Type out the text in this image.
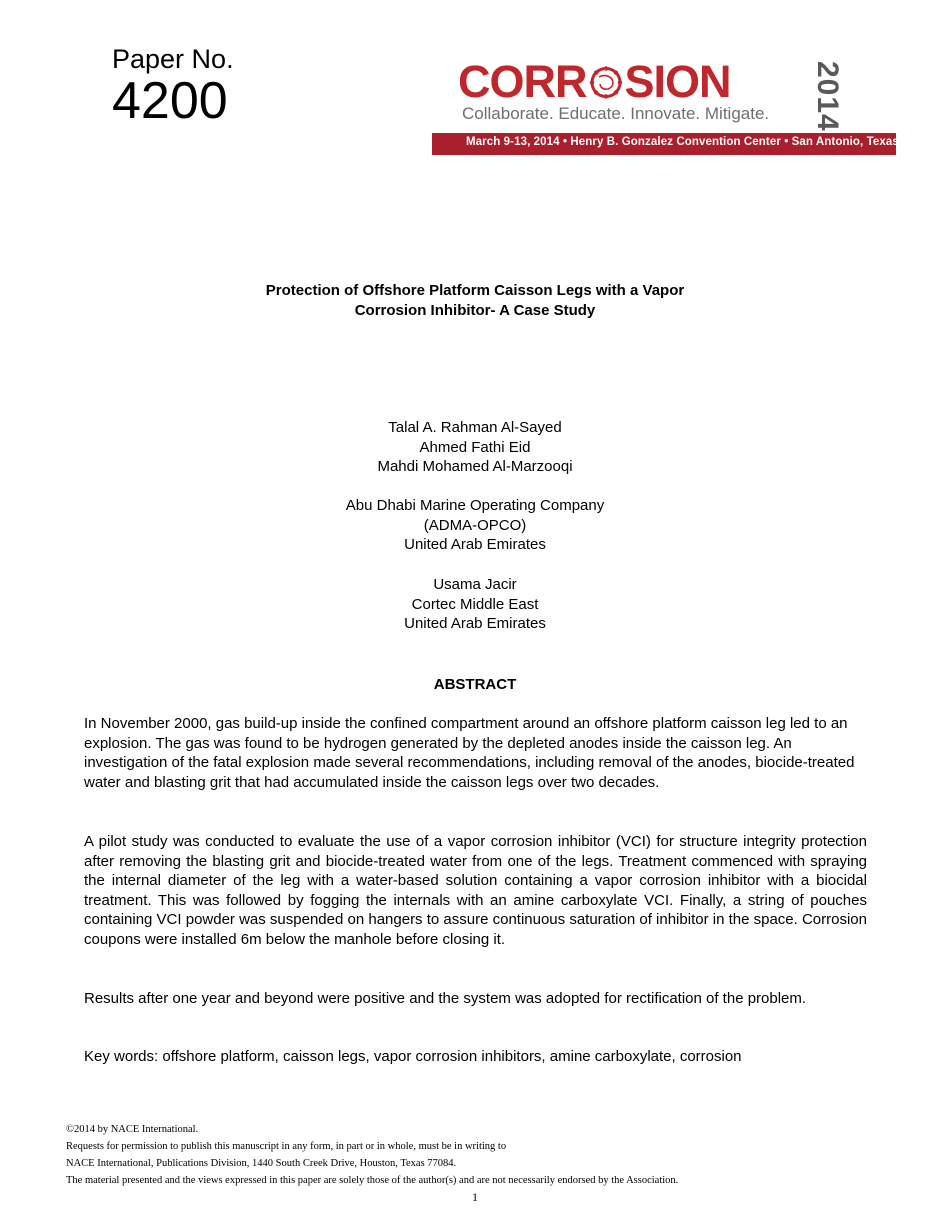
Paper No.
4200	CORR SION	2014
Collaborate. Educate. Innovate. Mitigate.
March 9-13, 2014 • Henry B. Gonzalez Convention Center • San Antonio, Texas, U.S.A.
Protection of Offshore Platform Caisson Legs with a Vapor
Corrosion Inhibitor- A Case Study
Talal A. Rahman Al-Sayed
Ahmed Fathi Eid
Mahdi Mohamed Al-Marzooqi
Abu Dhabi Marine Operating Company
(ADMA-OPCO)
United Arab Emirates
Usama Jacir
Cortec Middle East
United Arab Emirates
ABSTRACT
In November 2000, gas build-up inside the confined compartment around an offshore platform caisson leg led to an explosion. The gas was found to be hydrogen generated by the depleted anodes inside the caisson leg. An investigation of the fatal explosion made several recommendations, including removal of the anodes, biocide-treated water and blasting grit that had accumulated inside the caisson legs over two decades.
A pilot study was conducted to evaluate the use of a vapor corrosion inhibitor (VCI) for structure integrity protection after removing the blasting grit and biocide-treated water from one of the legs. Treatment commenced with spraying the internal diameter of the leg with a water-based solution containing a vapor corrosion inhibitor with a biocidal treatment. This was followed by fogging the internals with an amine carboxylate VCI. Finally, a string of pouches containing VCI powder was suspended on hangers to assure continuous saturation of inhibitor in the space. Corrosion coupons were installed 6m below the manhole before closing it.
Results after one year and beyond were positive and the system was adopted for rectification of the problem.
Key words: offshore platform, caisson legs, vapor corrosion inhibitors, amine carboxylate, corrosion
©2014 by NACE International.
Requests for permission to publish this manuscript in any form, in part or in whole, must be in writing to
NACE International, Publications Division, 1440 South Creek Drive, Houston, Texas 77084.
The material presented and the views expressed in this paper are solely those of the author(s) and are not necessarily endorsed by the Association.
1
